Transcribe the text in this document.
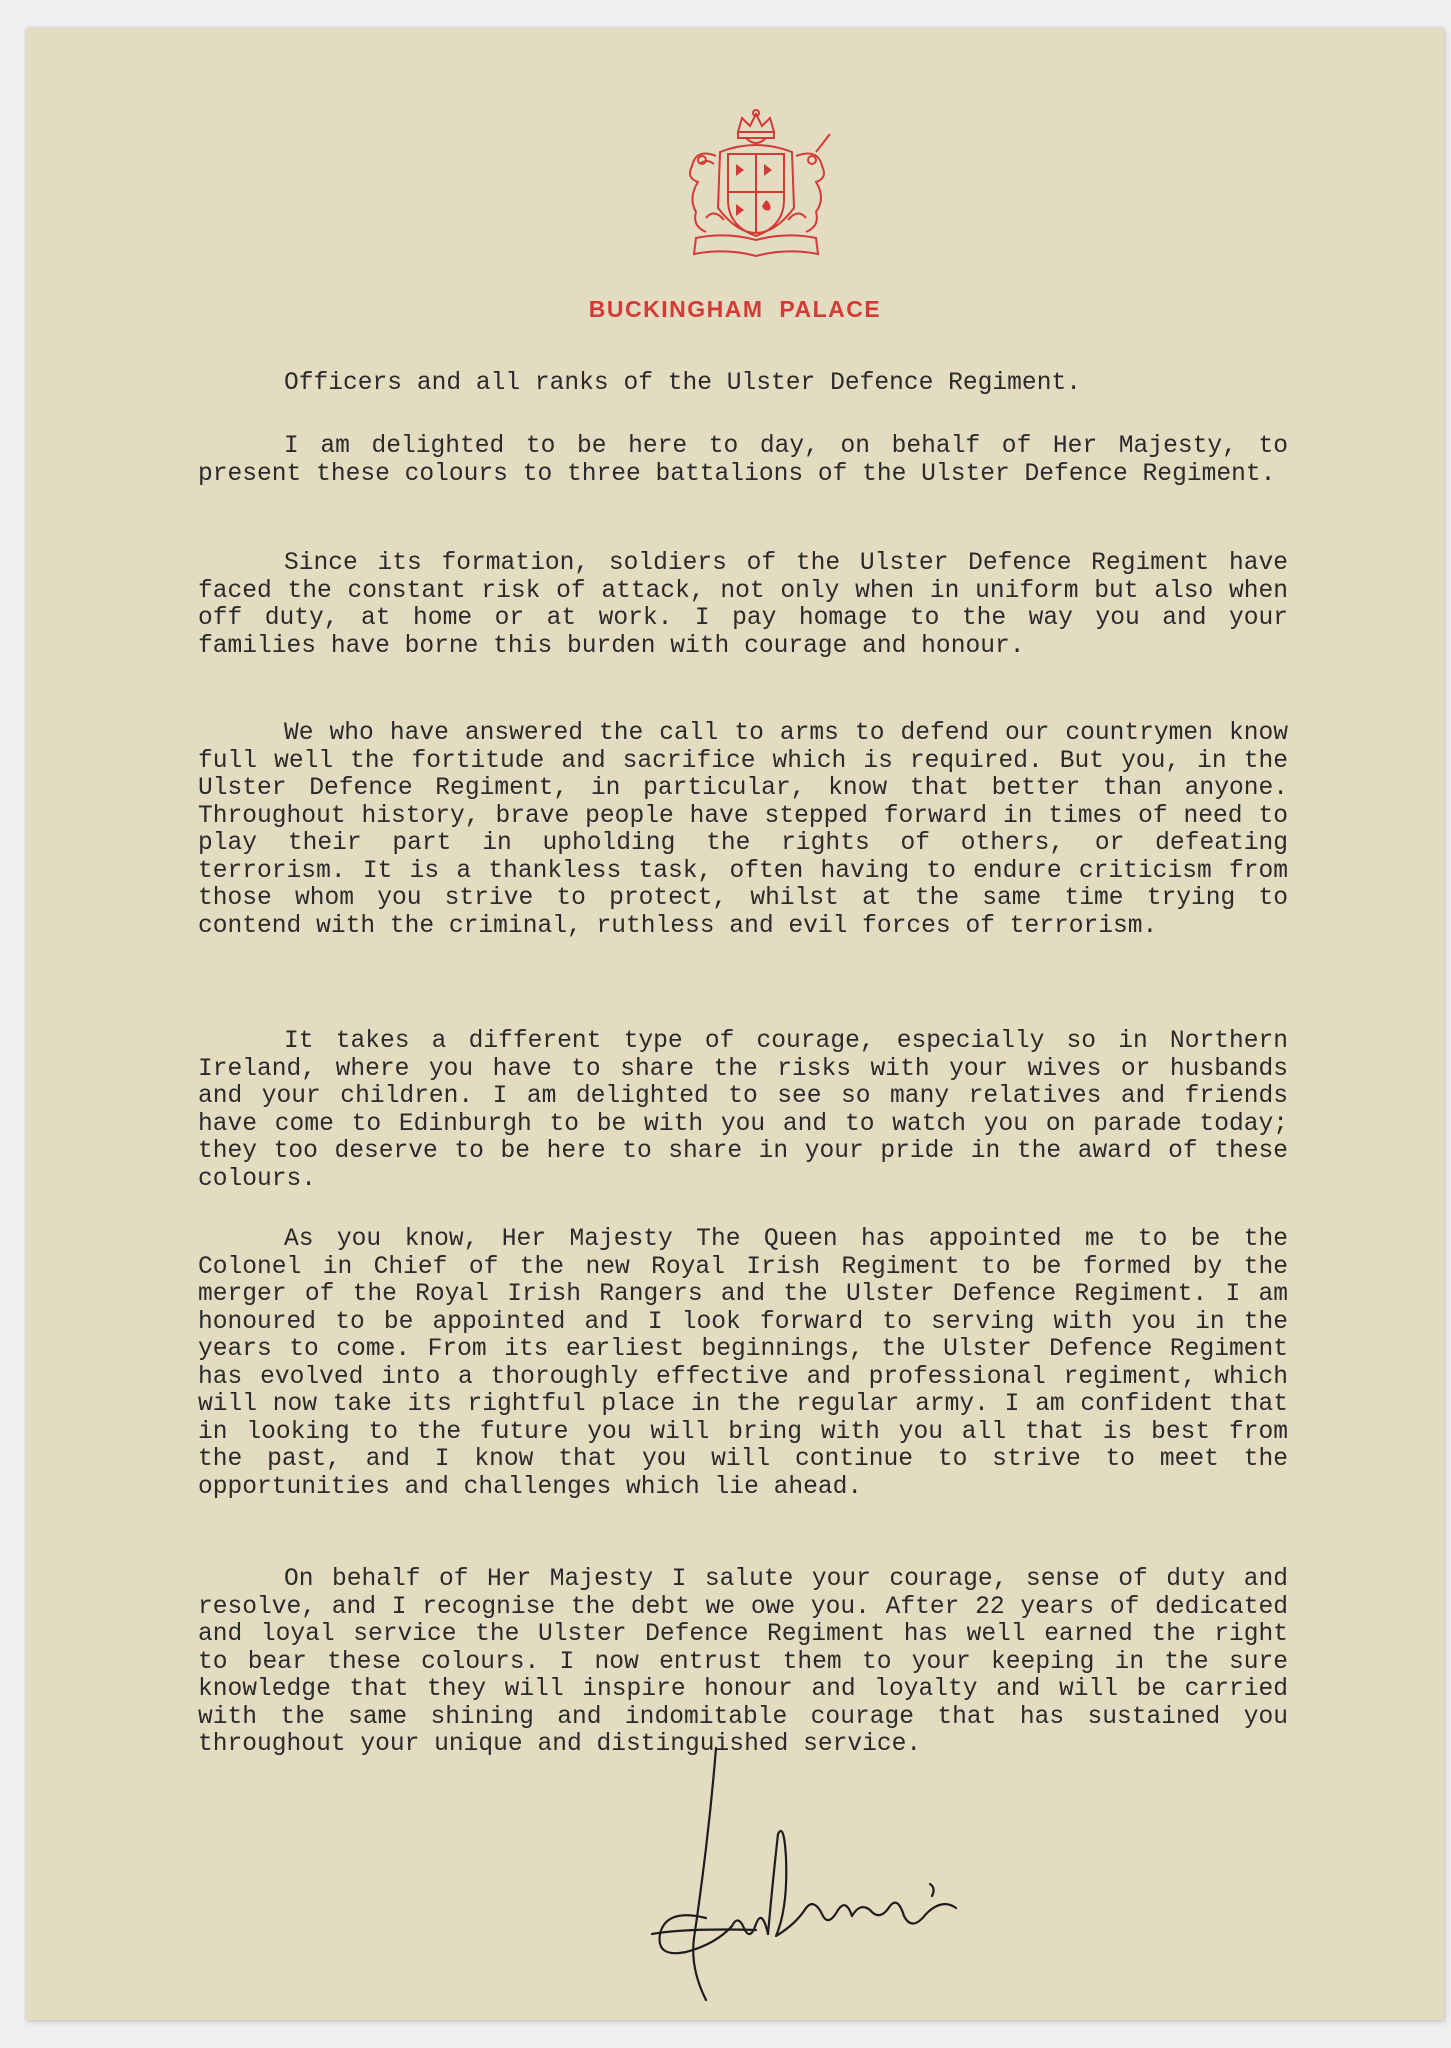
BUCKINGHAM PALACE
Officers and all ranks of the Ulster Defence Regiment.

I am delighted to be here to day, on behalf of Her Majesty, to present these colours to three battalions of the Ulster Defence Regiment.

Since its formation, soldiers of the Ulster Defence Regiment have faced the constant risk of attack, not only when in uniform but also when off duty, at home or at work. I pay homage to the way you and your families have borne this burden with courage and honour.

We who have answered the call to arms to defend our countrymen know full well the fortitude and sacrifice which is required. But you, in the Ulster Defence Regiment, in particular, know that better than anyone. Throughout history, brave people have stepped forward in times of need to play their part in upholding the rights of others, or defeating terrorism. It is a thankless task, often having to endure criticism from those whom you strive to protect, whilst at the same time trying to contend with the criminal, ruthless and evil forces of terrorism.

It takes a different type of courage, especially so in Northern Ireland, where you have to share the risks with your wives or husbands and your children. I am delighted to see so many relatives and friends have come to Edinburgh to be with you and to watch you on parade today; they too deserve to be here to share in your pride in the award of these colours.

As you know, Her Majesty The Queen has appointed me to be the Colonel in Chief of the new Royal Irish Regiment to be formed by the merger of the Royal Irish Rangers and the Ulster Defence Regiment. I am honoured to be appointed and I look forward to serving with you in the years to come. From its earliest beginnings, the Ulster Defence Regiment has evolved into a thoroughly effective and professional regiment, which will now take its rightful place in the regular army. I am confident that in looking to the future you will bring with you all that is best from the past, and I know that you will continue to strive to meet the opportunities and challenges which lie ahead.

On behalf of Her Majesty I salute your courage, sense of duty and resolve, and I recognise the debt we owe you. After 22 years of dedicated and loyal service the Ulster Defence Regiment has well earned the right to bear these colours. I now entrust them to your keeping in the sure knowledge that they will inspire honour and loyalty and will be carried with the same shining and indomitable courage that has sustained you throughout your unique and distinguished service.
